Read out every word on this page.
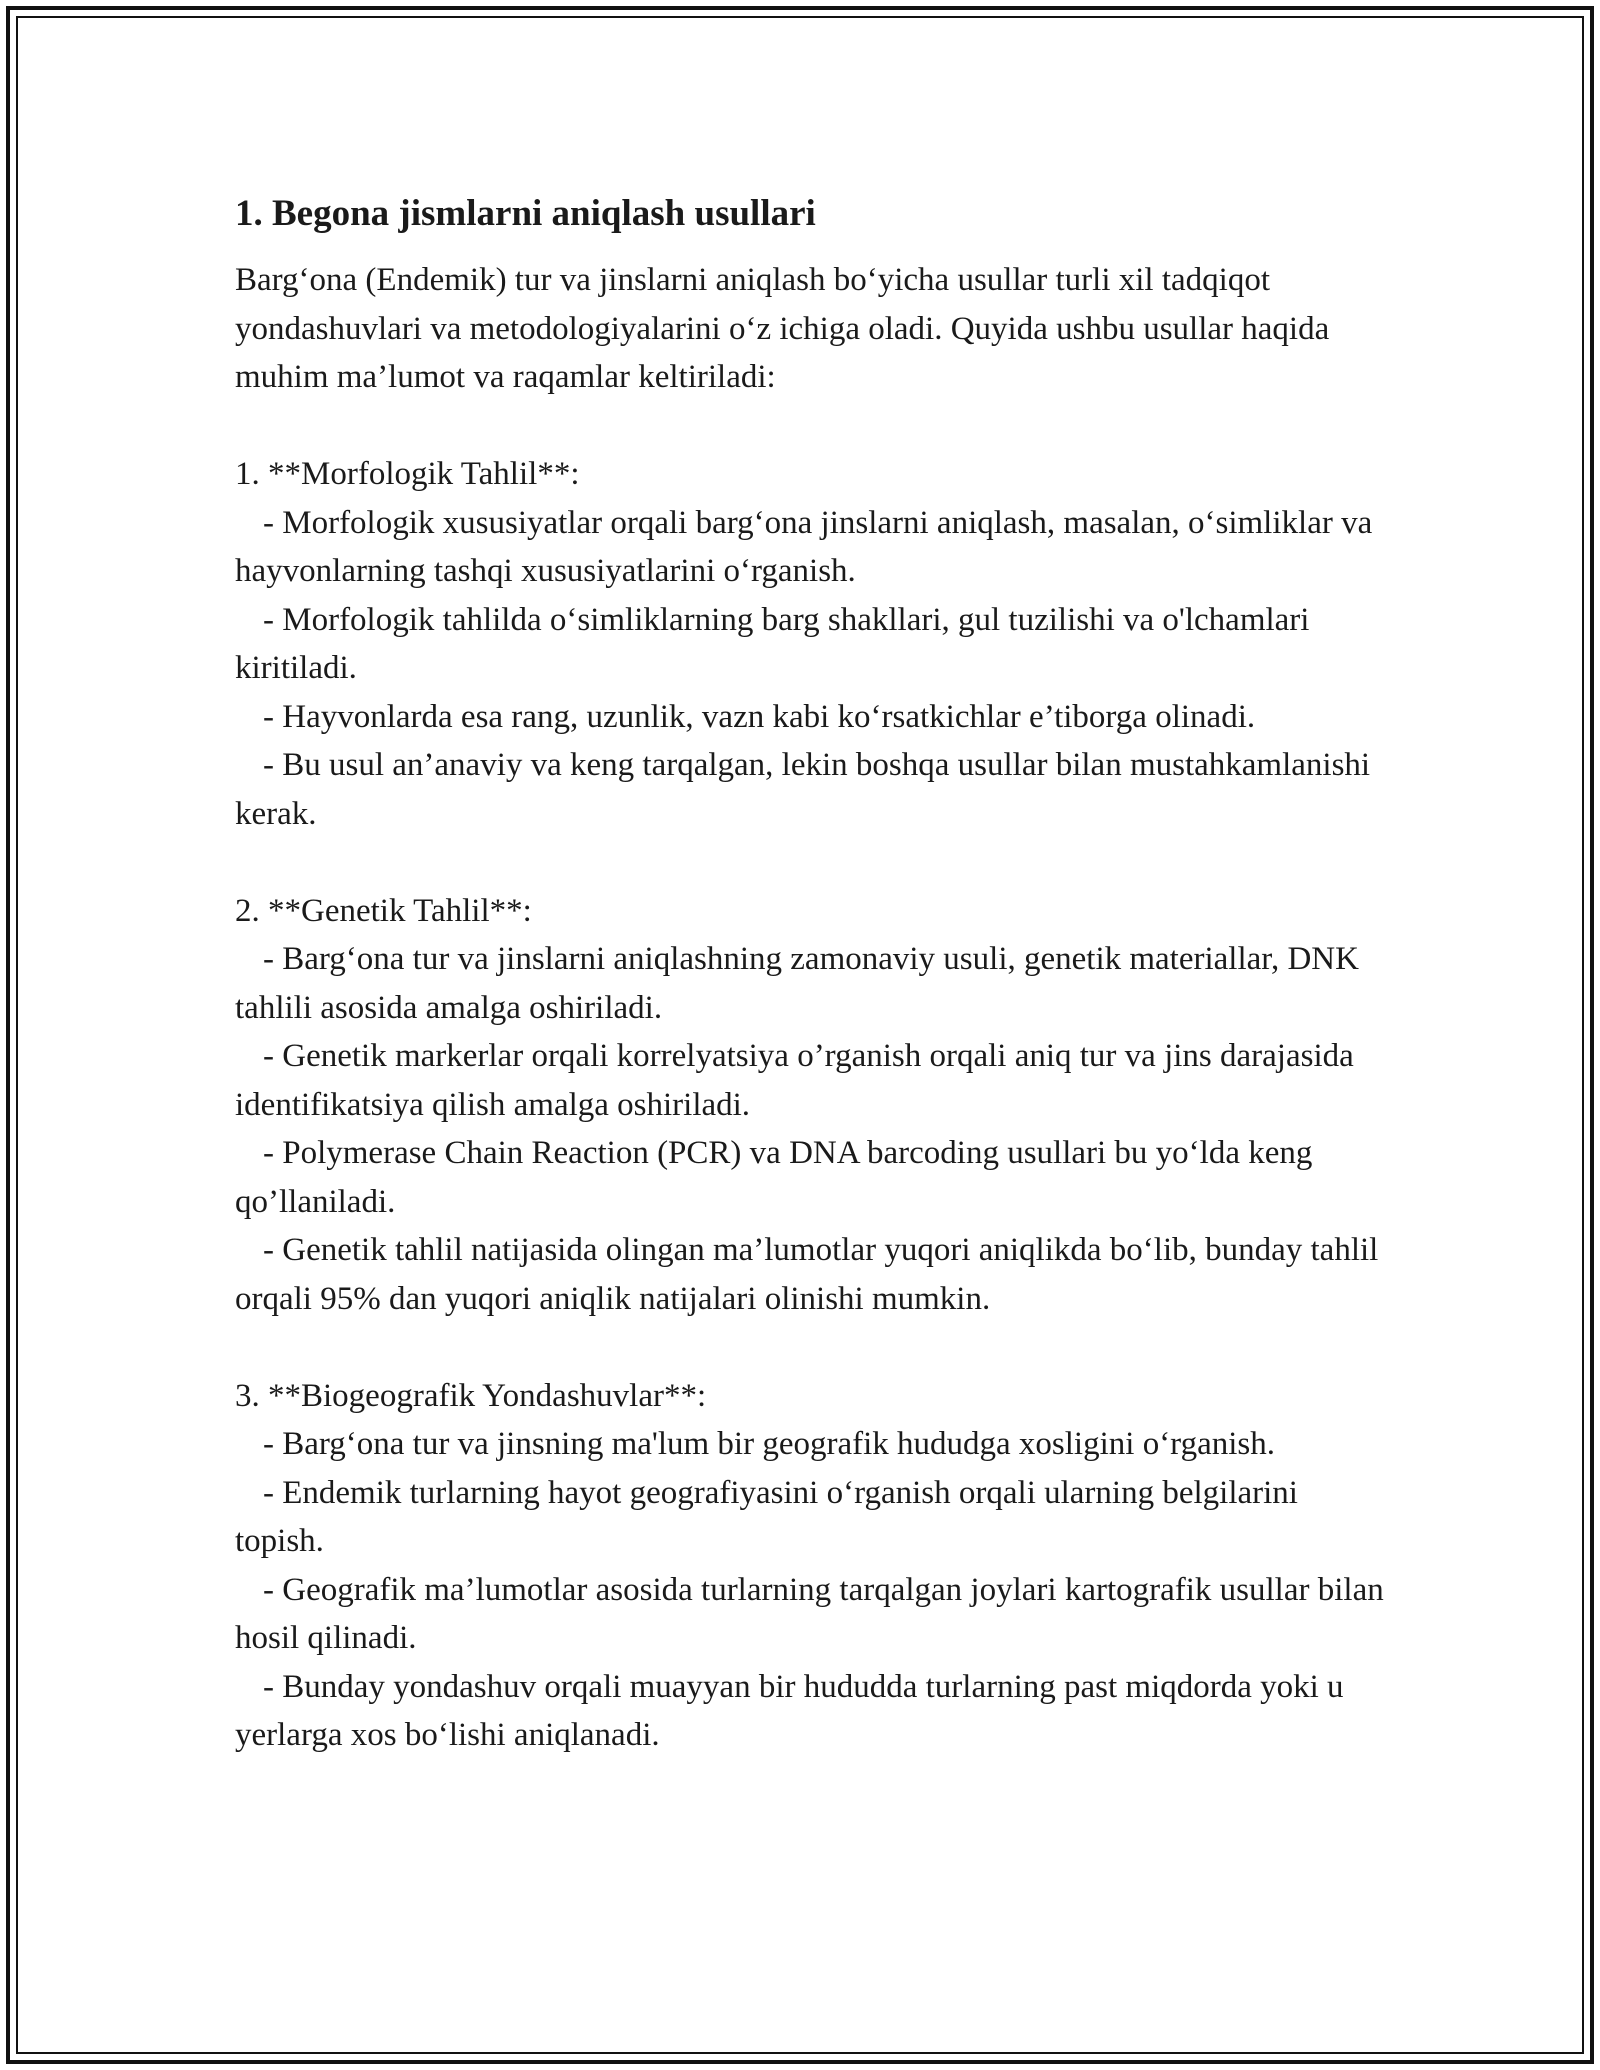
1. Begona jismlarni aniqlash usullari

Barg‘ona (Endemik) tur va jinslarni aniqlash bo‘yicha usullar turli xil tadqiqot yondashuvlari va metodologiyalarini o‘z ichiga oladi. Quyida ushbu usullar haqida muhim ma’lumot va raqamlar keltiriladi:

1. **Morfologik Tahlil**:

- Morfologik xususiyatlar orqali barg‘ona jinslarni aniqlash, masalan, o‘simliklar va hayvonlarning tashqi xususiyatlarini o‘rganish.

- Morfologik tahlilda o‘simliklarning barg shakllari, gul tuzilishi va o'lchamlari kiritiladi.

- Hayvonlarda esa rang, uzunlik, vazn kabi ko‘rsatkichlar e’tiborga olinadi.

- Bu usul an’anaviy va keng tarqalgan, lekin boshqa usullar bilan mustahkamlanishi kerak.

2. **Genetik Tahlil**:

- Barg‘ona tur va jinslarni aniqlashning zamonaviy usuli, genetik materiallar, DNK tahlili asosida amalga oshiriladi.

- Genetik markerlar orqali korrelyatsiya o’rganish orqali aniq tur va jins darajasida identifikatsiya qilish amalga oshiriladi.

- Polymerase Chain Reaction (PCR) va DNA barcoding usullari bu yo‘lda keng qo’llaniladi.

- Genetik tahlil natijasida olingan ma’lumotlar yuqori aniqlikda bo‘lib, bunday tahlil orqali 95% dan yuqori aniqlik natijalari olinishi mumkin.

3. **Biogeografik Yondashuvlar**:

- Barg‘ona tur va jinsning ma'lum bir geografik hududga xosligini o‘rganish.

- Endemik turlarning hayot geografiyasini o‘rganish orqali ularning belgilarini topish.

- Geografik ma’lumotlar asosida turlarning tarqalgan joylari kartografik usullar bilan hosil qilinadi.

- Bunday yondashuv orqali muayyan bir hududda turlarning past miqdorda yoki u yerlarga xos bo‘lishi aniqlanadi.
